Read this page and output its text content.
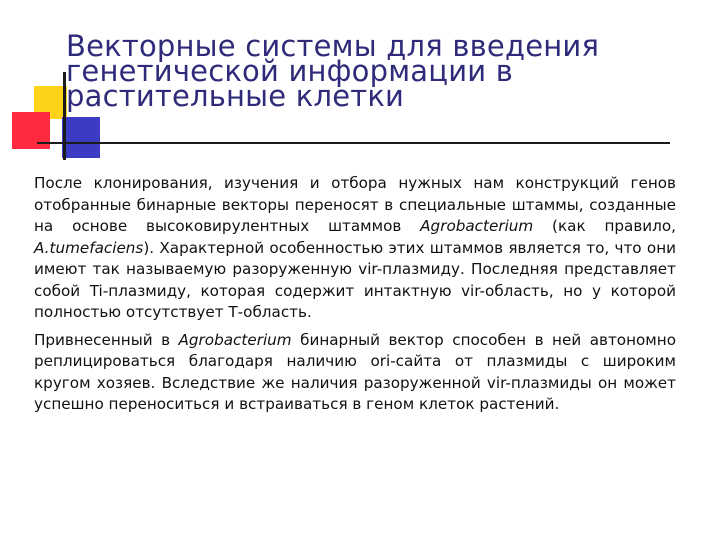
Векторные системы для введения
генетической информации в
растительные клетки

После клонирования, изучения и отбора нужных нам конструкций генов отобранные бинарные векторы переносят в специальные штаммы, созданные на основе высоковирулентных штаммов Agrobacterium (как правило, A.tumefaciens). Характерной особенностью этих штаммов является то, что они имеют так называемую разоруженную vir-плазмиду. Последняя представляет собой Ti-плазмиду, которая содержит интактную vir-область, но у которой полностью отсутствует Т-область.

Привнесенный в Agrobacterium бинарный вектор способен в ней автономно реплицироваться благодаря наличию ori-сайта от плазмиды с широким кругом хозяев. Вследствие же наличия разоруженной vir-плазмиды он может успешно переноситься и встраиваться в геном клеток растений.
